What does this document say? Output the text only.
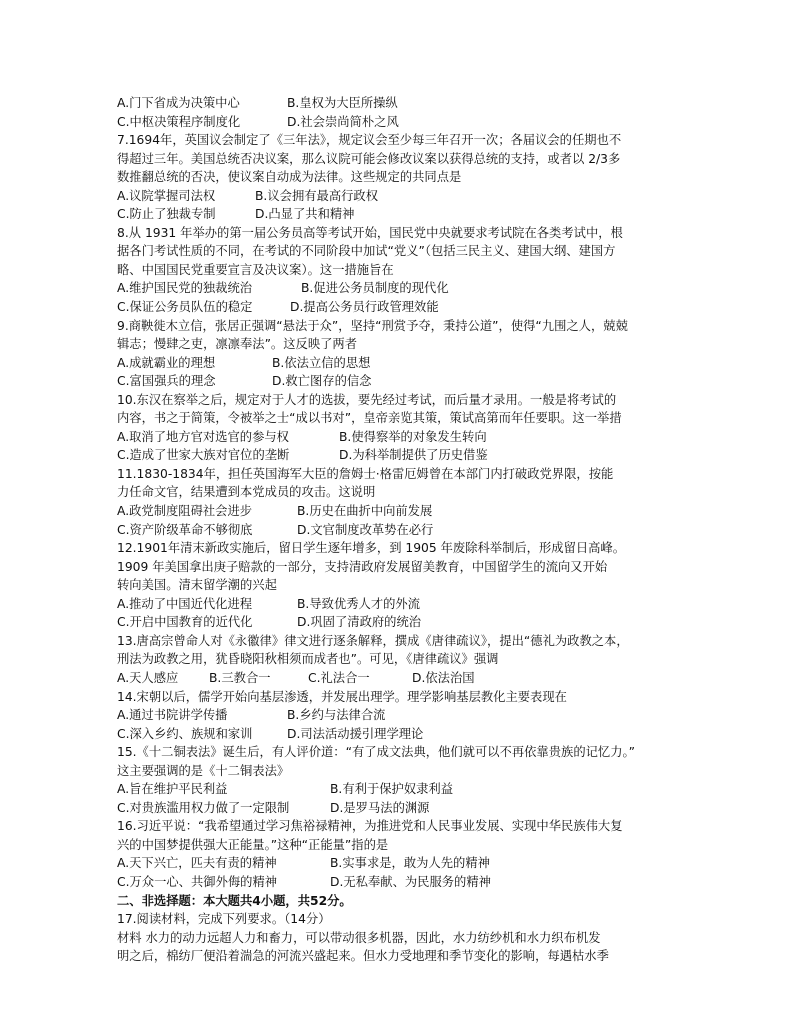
A.门下省成为决策中心	B.皇权为大臣所操纵
C.中枢决策程序制度化	D.社会崇尚简朴之风
7.1694年，英国议会制定了《三年法》，规定议会至少每三年召开一次；各届议会的任期也不
得超过三年。美国总统否决议案，那么议院可能会修改议案以获得总统的支持，或者以 2/3多
数推翻总统的否决，使议案自动成为法律。这些规定的共同点是
A.议院掌握司法权	B.议会拥有最高行政权
C.防止了独裁专制	D.凸显了共和精神
8.从 1931 年举办的第一届公务员高等考试开始，国民党中央就要求考试院在各类考试中，根
据各门考试性质的不同，在考试的不同阶段中加试“党义”（包括三民主义、建国大纲、建国方
略、中国国民党重要宣言及决议案）。这一措施旨在
A.维护国民党的独裁统治	B.促进公务员制度的现代化
C.保证公务员队伍的稳定	D.提高公务员行政管理效能
9.商鞅徙木立信，张居正强调“悬法于众”，坚持“刑赏予夺，秉持公道”，使得“九围之人，兢兢
辑志；慢肆之吏，凛凛奉法”。这反映了两者
A.成就霸业的理想	B.依法立信的思想
C.富国强兵的理念	D.救亡图存的信念
10.东汉在察举之后，规定对于人才的选拔，要先经过考试，而后量才录用。一般是将考试的
内容，书之于简策，令被举之士“成以书对”，皇帝亲览其策，策试高第而年任要职。这一举措
A.取消了地方官对选官的参与权	B.使得察举的对象发生转向
C.造成了世家大族对官位的垄断	D.为科举制提供了历史借鉴
11.1830-1834年，担任英国海军大臣的詹姆士·格雷厄姆曾在本部门内打破政党界限，按能
力任命文官，结果遭到本党成员的攻击。这说明
A.政党制度阻碍社会进步	B.历史在曲折中向前发展
C.资产阶级革命不够彻底	D.文官制度改革势在必行
12.1901年清末新政实施后，留日学生逐年增多，到 1905 年废除科举制后，形成留日高峰。
1909 年美国拿出庚子赔款的一部分，支持清政府发展留美教育，中国留学生的流向又开始
转向美国。清末留学潮的兴起
A.推动了中国近代化进程	B.导致优秀人才的外流
C.开启中国教育的近代化	D.巩固了清政府的统治
13.唐高宗曾命人对《永徽律》律文进行逐条解释，撰成《唐律疏议》，提出“德礼为政教之本，
刑法为政教之用，犹昏晓阳秋相须而成者也”。可见，《唐律疏议》强调
A.天人感应 B.三教合一	C.礼法合一	D.依法治国
14.宋朝以后，儒学开始向基层渗透，并发展出理学。理学影响基层教化主要表现在
A.通过书院讲学传播	B.乡约与法律合流
C.深入乡约、族规和家训	D.司法活动援引理学理论
15.《十二铜表法》诞生后，有人评价道：“有了成文法典，他们就可以不再依靠贵族的记忆力。”
这主要强调的是《十二铜表法》
A.旨在维护平民利益	B.有利于保护奴隶利益
C.对贵族滥用权力做了一定限制	D.是罗马法的渊源
16.习近平说：“我希望通过学习焦裕禄精神，为推进党和人民事业发展、实现中华民族伟大复
兴的中国梦提供强大正能量。”这种“正能量”指的是
A.天下兴亡，匹夫有责的精神	B.实事求是，敢为人先的精神
C.万众一心、共御外侮的精神	D.无私奉献、为民服务的精神
二、非选择题：本大题共4小题，共52分。
17.阅读材料，完成下列要求。（14分）
材料 水力的动力远超人力和畜力，可以带动很多机器，因此，水力纺纱机和水力织布机发
明之后，棉纺厂便沿着湍急的河流兴盛起来。但水力受地理和季节变化的影响，每遇枯水季
